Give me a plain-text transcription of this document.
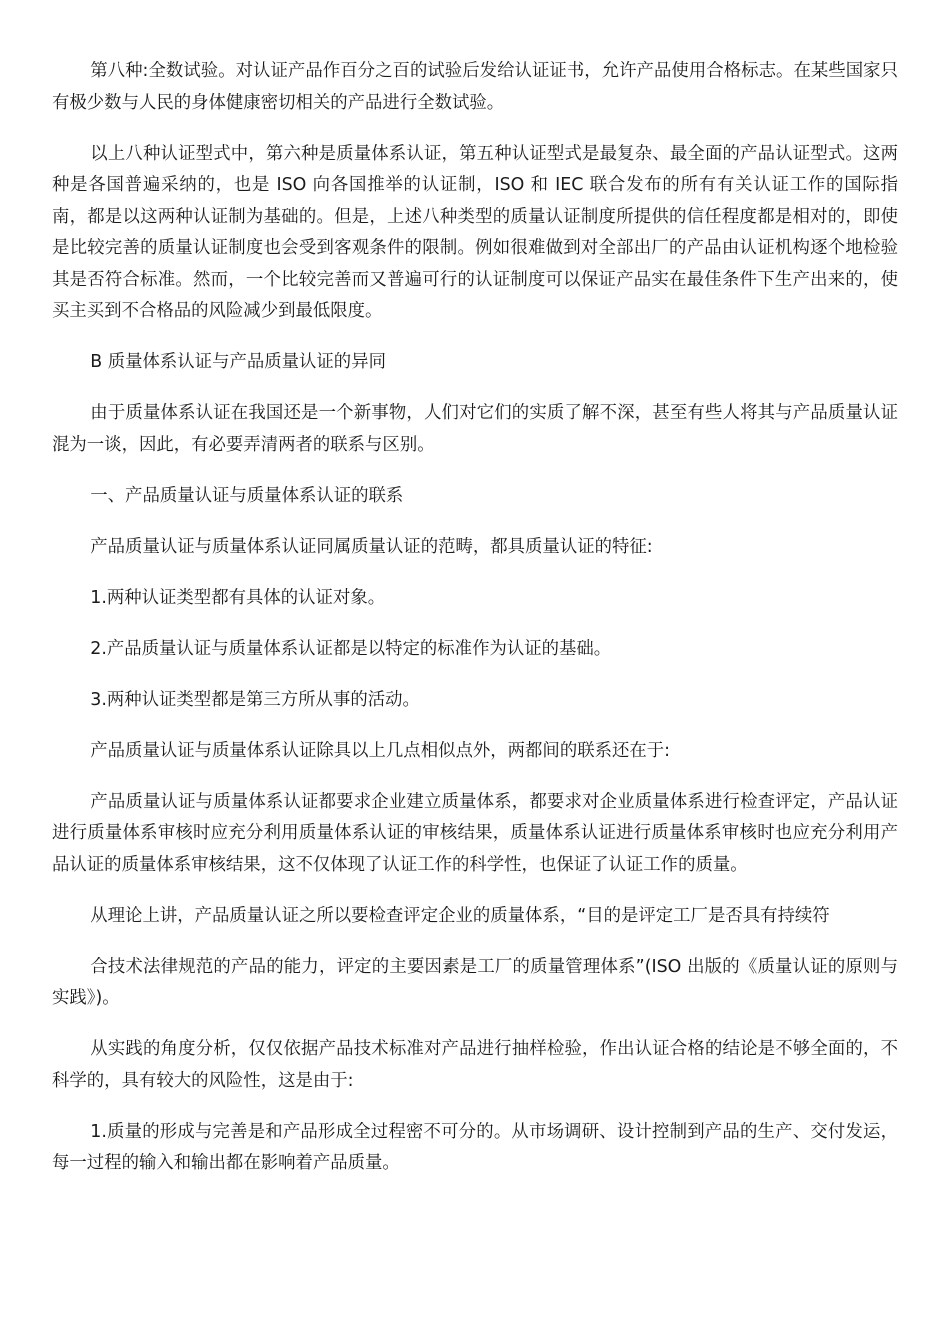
第八种:全数试验。对认证产品作百分之百的试验后发给认证证书，允许产品使用合格标志。在某些国家只有极少数与人民的身体健康密切相关的产品进行全数试验。

以上八种认证型式中，第六种是质量体系认证，第五种认证型式是最复杂、最全面的产品认证型式。这两种是各国普遍采纳的，也是 ISO 向各国推举的认证制，ISO 和 IEC 联合发布的所有有关认证工作的国际指南，都是以这两种认证制为基础的。但是，上述八种类型的质量认证制度所提供的信任程度都是相对的，即使是比较完善的质量认证制度也会受到客观条件的限制。例如很难做到对全部出厂的产品由认证机构逐个地检验其是否符合标准。然而，一个比较完善而又普遍可行的认证制度可以保证产品实在最佳条件下生产出来的，使买主买到不合格品的风险减少到最低限度。

B 质量体系认证与产品质量认证的异同

由于质量体系认证在我国还是一个新事物，人们对它们的实质了解不深，甚至有些人将其与产品质量认证混为一谈，因此，有必要弄清两者的联系与区别。

一、产品质量认证与质量体系认证的联系

产品质量认证与质量体系认证同属质量认证的范畴，都具质量认证的特征:

1.两种认证类型都有具体的认证对象。

2.产品质量认证与质量体系认证都是以特定的标准作为认证的基础。

3.两种认证类型都是第三方所从事的活动。

产品质量认证与质量体系认证除具以上几点相似点外，两都间的联系还在于:

产品质量认证与质量体系认证都要求企业建立质量体系，都要求对企业质量体系进行检查评定，产品认证进行质量体系审核时应充分利用质量体系认证的审核结果，质量体系认证进行质量体系审核时也应充分利用产品认证的质量体系审核结果，这不仅体现了认证工作的科学性，也保证了认证工作的质量。

从理论上讲，产品质量认证之所以要检查评定企业的质量体系，“目的是评定工厂是否具有持续符

合技术法律规范的产品的能力，评定的主要因素是工厂的质量管理体系”(ISO 出版的《质量认证的原则与实践》)。

从实践的角度分析，仅仅依据产品技术标准对产品进行抽样检验，作出认证合格的结论是不够全面的，不科学的，具有较大的风险性，这是由于:

1.质量的形成与完善是和产品形成全过程密不可分的。从市场调研、设计控制到产品的生产、交付发运，每一过程的输入和输出都在影响着产品质量。
